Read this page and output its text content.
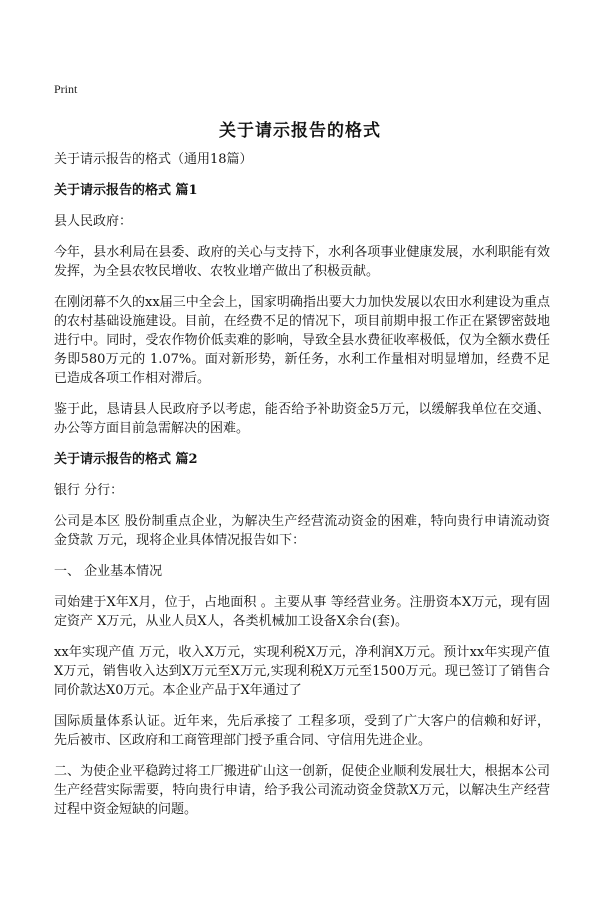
Print
关于请示报告的格式

关于请示报告的格式（通用18篇）

关于请示报告的格式 篇1

县人民政府：

今年，县水利局在县委、政府的关心与支持下，水利各项事业健康发展，水利职能有效发挥，为全县农牧民增收、农牧业增产做出了积极贡献。

在刚闭幕不久的xx届三中全会上，国家明确指出要大力加快发展以农田水利建设为重点的农村基础设施建设。目前，在经费不足的情况下，项目前期申报工作正在紧锣密鼓地进行中。同时，受农作物价低卖难的影响，导致全县水费征收率极低，仅为全额水费任务即580万元的 1.07%。面对新形势，新任务，水利工作量相对明显增加，经费不足已造成各项工作相对滞后。

鉴于此，恳请县人民政府予以考虑，能否给予补助资金5万元，以缓解我单位在交通、办公等方面目前急需解决的困难。

关于请示报告的格式 篇2

银行 分行：

公司是本区 股份制重点企业，为解决生产经营流动资金的困难，特向贵行申请流动资金贷款 万元，现将企业具体情况报告如下：

一、 企业基本情况

司始建于X年X月，位于，占地面积 。主要从事 等经营业务。注册资本X万元，现有固定资产 X万元，从业人员X人，各类机械加工设备X余台(套)。

xx年实现产值 万元，收入X万元，实现利税X万元，净利润X万元。预计xx年实现产值X万元，销售收入达到X万元至X万元,实现利税X万元至1500万元。现已签订了销售合同价款达X0万元。本企业产品于X年通过了

国际质量体系认证。近年来，先后承接了 工程多项，受到了广大客户的信赖和好评，先后被市、区政府和工商管理部门授予重合同、守信用先进企业。

二、为使企业平稳跨过将工厂搬进矿山这一创新，促使企业顺利发展壮大，根据本公司生产经营实际需要，特向贵行申请，给予我公司流动资金贷款X万元，以解决生产经营过程中资金短缺的问题。
